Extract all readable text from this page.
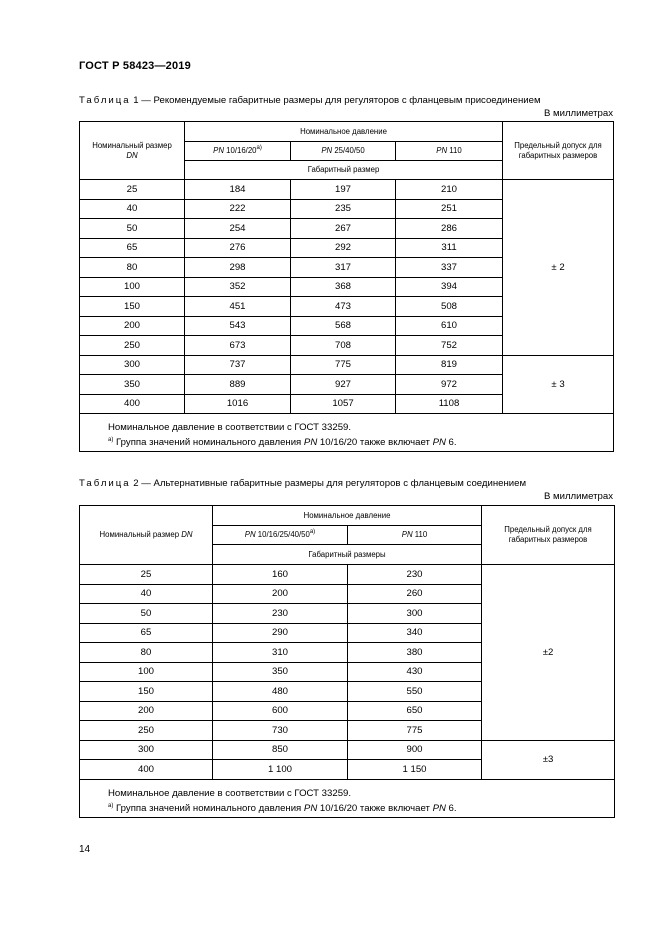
ГОСТ Р 58423—2019
Таблица 1 — Рекомендуемые габаритные размеры для регуляторов с фланцевым присоединением
В миллиметрах
Номинальный размер
DN	Номинальное давление			Предельный допуск для габаритных размеров
	PN 10/16/20$^{a)}$	PN 25/40/50	PN 110	
	Габаритный размер			
25	184	197	210	± 2
40	222	235	251	
50	254	267	286	
65	276	292	311	
80	298	317	337	
100	352	368	394	
150	451	473	508	
200	543	568	610	
250	673	708	752	
300	737	775	819	± 3
350	889	927	972	
400	1016	1057	1108	
Номинальное давление в соответствии с ГОСТ 33259.
$^{a)}$ Группа значений номинального давления PN 10/16/20 также включает PN 6.				
Таблица 2 — Альтернативные габаритные размеры для регуляторов с фланцевым соединением
В миллиметрах
Номинальный размер DN	Номинальное давление		Предельный допуск для габаритных размеров
	PN 10/16/25/40/50$^{a)}$	PN 110	
	Габаритный размеры		
25	160	230	±2
40	200	260	
50	230	300	
65	290	340	
80	310	380	
100	350	430	
150	480	550	
200	600	650	
250	730	775	
300	850	900	±3
400	1 100	1 150	
Номинальное давление в соответствии с ГОСТ 33259.
$^{a)}$ Группа значений номинального давления PN 10/16/20 также включает PN 6.			
14
